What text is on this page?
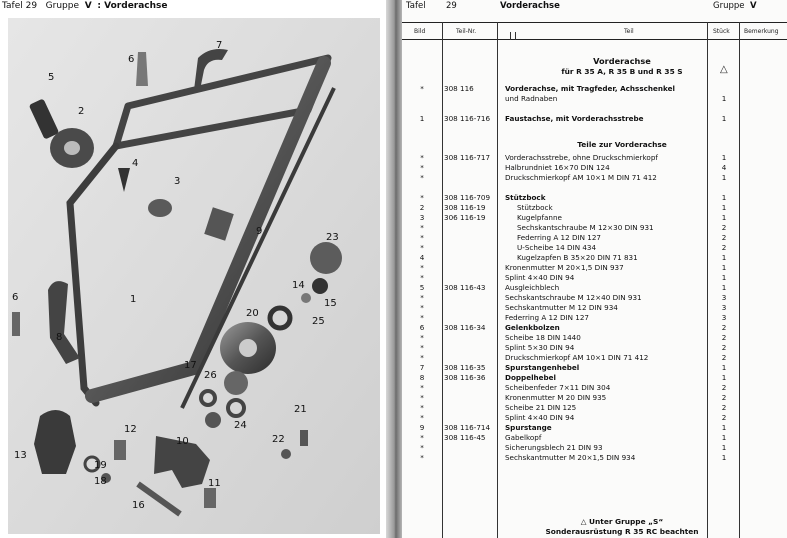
Tafel 29 Gruppe V : Vorderachse
1
2
3
4
5
6
7
8
9
10
11
12
13
14
15
16
17
18
19
20
21
22
23
24
25
26
6
Tafel 29	Vorderachse	Gruppe V
Bild	Teil-Nr.	Teil	Stück Bemerkung
Vorderachse
für R 35 A, R 35 B und R 35 S	△
*	308 116	Vorderachse, mit Tragfeder, Achsschenkel
und Radnaben	1
1	308 116-716	Faustachse, mit Vorderachsstrebe	1
*	308 116-717	Vorderachsstrebe, ohne Druckschmierkopf	1
*	Halbrundniet 16×70 DIN 124	4
*	Druckschmierkopf AM 10×1 M DIN 71 412	1
*	308 116-709	Stützbock	1
2	308 116-19	Stützbock	1
3	306 116-19	Kugelpfanne	1
*	Sechskantschraube M 12×30 DIN 931	2
*	Federring A 12 DIN 127	2
*	U-Scheibe 14 DIN 434	2
4	Kugelzapfen B 35×20 DIN 71 831	1
*	Kronenmutter M 20×1,5 DIN 937	1
*	Splint 4×40 DIN 94	1
5	308 116-43	Ausgleichblech	1
*	Sechskantschraube M 12×40 DIN 931	3
*	Sechskantmutter M 12 DIN 934	3
*	Federring A 12 DIN 127	3
6	308 116-34	Gelenkbolzen	2
*	Scheibe 18 DIN 1440	2
*	Splint 5×30 DIN 94	2
*	Druckschmierkopf AM 10×1 DIN 71 412	2
7	308 116-35	Spurstangenhebel	1
8	308 116-36	Doppelhebel	1
*	Scheibenfeder 7×11 DIN 304	2
*	Kronenmutter M 20 DIN 935	2
*	Scheibe 21 DIN 125	2
*	Splint 4×40 DIN 94	2
9	308 116-714	Spurstange	1
*	308 116-45	Gabelkopf	1
*	Sicherungsblech 21 DIN 93	1
*	Sechskantmutter M 20×1,5 DIN 934	1
Teile zur Vorderachse
△ Unter Gruppe „S“
Sonderausrüstung R 35 RC beachten
